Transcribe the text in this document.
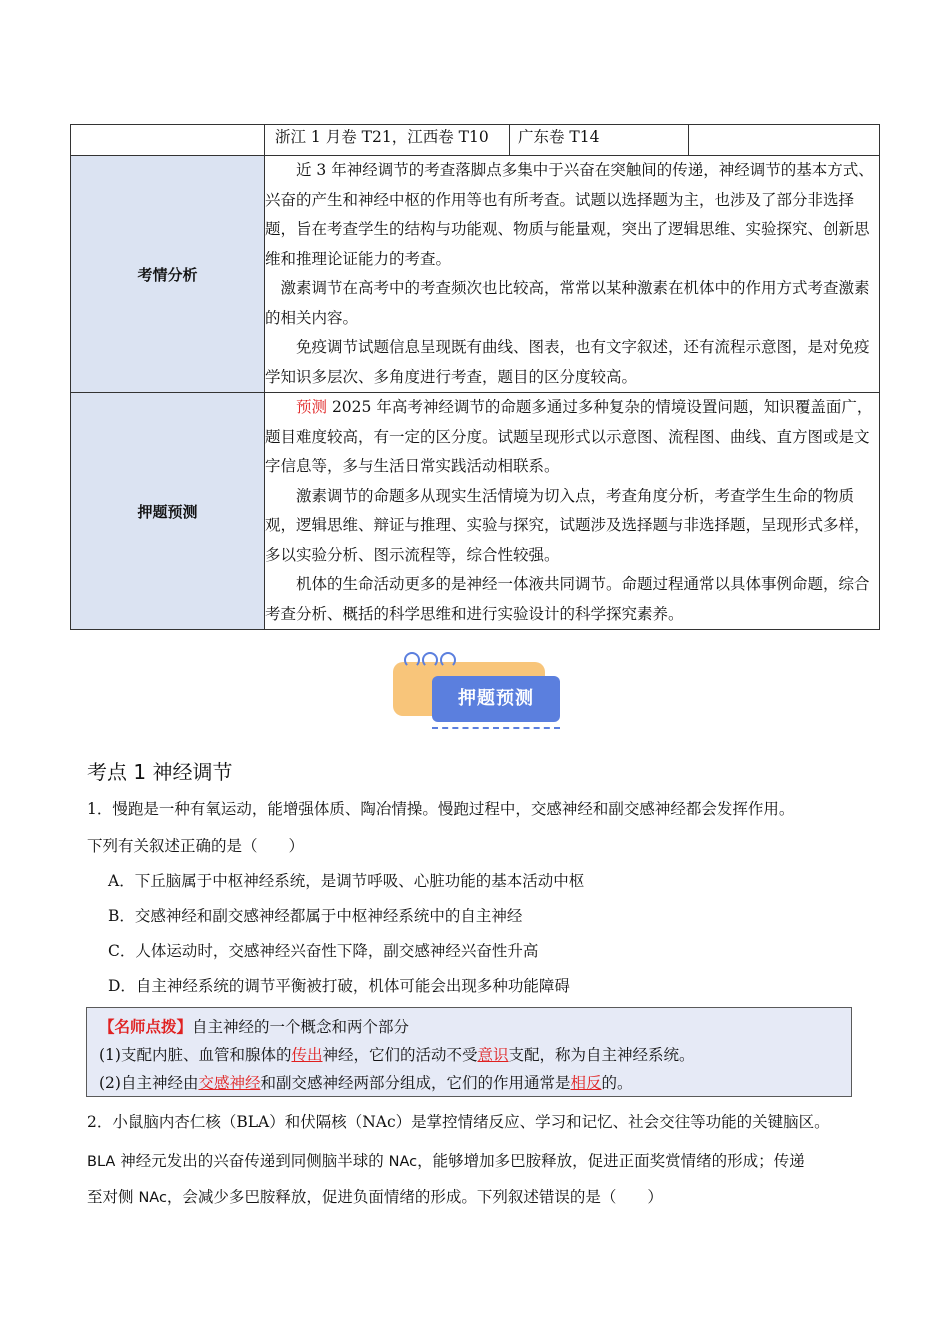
	浙江 1 月卷 T21，江西卷 T10	广东卷 T14	
考情分析	近 3 年神经调节的考查落脚点多集中于兴奋在突触间的传递，神经调节的基本方式、兴奋的产生和神经中枢的作用等也有所考查。试题以选择题为主，也涉及了部分非选择题，旨在考查学生的结构与功能观、物质与能量观，突出了逻辑思维、实验探究、创新思维和推理论证能力的考查。

激素调节在高考中的考查频次也比较高，常常以某种激素在机体中的作用方式考查激素的相关内容。

免疫调节试题信息呈现既有曲线、图表，也有文字叙述，还有流程示意图，是对免疫学知识多层次、多角度进行考查，题目的区分度较高。		

押题预测	预测 2025 年高考神经调节的命题多通过多种复杂的情境设置问题，知识覆盖面广，题目难度较高，有一定的区分度。试题呈现形式以示意图、流程图、曲线、直方图或是文字信息等，多与生活日常实践活动相联系。

激素调节的命题多从现实生活情境为切入点，考查角度分析，考查学生生命的物质观，逻辑思维、辩证与推理、实验与探究，试题涉及选择题与非选择题，呈现形式多样，多以实验分析、图示流程等，综合性较强。

机体的生命活动更多的是神经一体液共同调节。命题过程通常以具体事例命题，综合考查分析、概括的科学思维和进行实验设计的科学探究素养。		

押题预测
考点 1 神经调节
1．慢跑是一种有氧运动，能增强体质、陶冶情操。慢跑过程中，交感神经和副交感神经都会发挥作用。
下列有关叙述正确的是（　　）
A．下丘脑属于中枢神经系统，是调节呼吸、心脏功能的基本活动中枢
B．交感神经和副交感神经都属于中枢神经系统中的自主神经
C．人体运动时，交感神经兴奋性下降，副交感神经兴奋性升高
D．自主神经系统的调节平衡被打破，机体可能会出现多种功能障碍
【名师点拨】自主神经的一个概念和两个部分
(1)支配内脏、血管和腺体的传出神经，它们的活动不受意识支配，称为自主神经系统。
(2)自主神经由交感神经和副交感神经两部分组成，它们的作用通常是相反的。
2．小鼠脑内杏仁核（BLA）和伏隔核（NAc）是掌控情绪反应、学习和记忆、社会交往等功能的关键脑区。
BLA 神经元发出的兴奋传递到同侧脑半球的 NAc，能够增加多巴胺释放，促进正面奖赏情绪的形成；传递
至对侧 NAc，会减少多巴胺释放，促进负面情绪的形成。下列叙述错误的是（　　）
